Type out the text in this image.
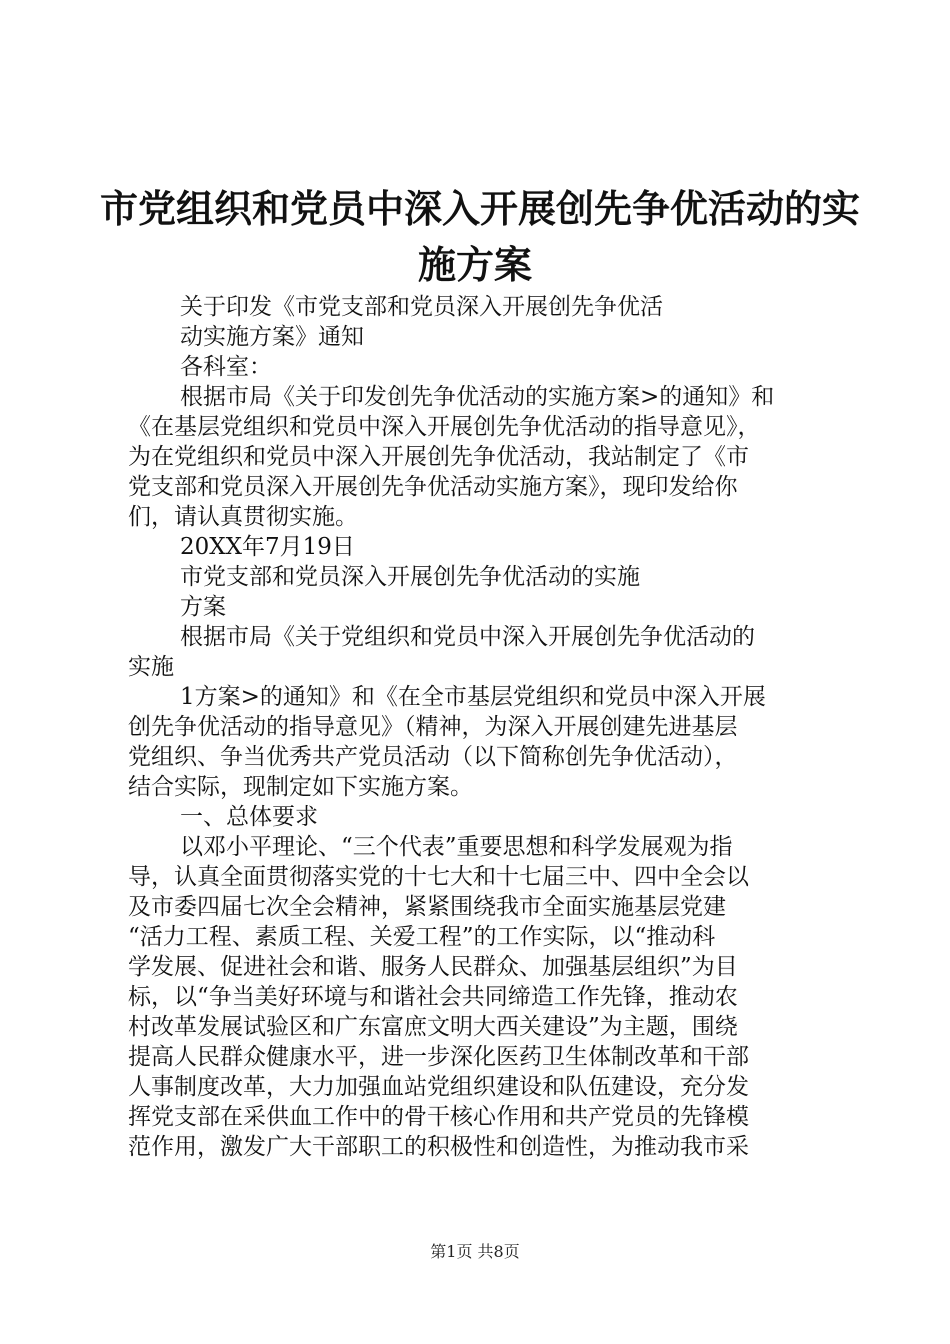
市党组织和党员中深入开展创先争优活动的实
施方案
关于印发《市党支部和党员深入开展创先争优活
动实施方案》通知
各科室：
根据市局《关于印发创先争优活动的实施方案>的通知》和
《在基层党组织和党员中深入开展创先争优活动的指导意见》，
为在党组织和党员中深入开展创先争优活动，我站制定了《市
党支部和党员深入开展创先争优活动实施方案》，现印发给你
们，请认真贯彻实施。
20XX年7月19日
市党支部和党员深入开展创先争优活动的实施
方案
根据市局《关于党组织和党员中深入开展创先争优活动的
实施
1方案>的通知》和《在全市基层党组织和党员中深入开展
创先争优活动的指导意见》（精神，为深入开展创建先进基层
党组织、争当优秀共产党员活动（以下简称创先争优活动），
结合实际，现制定如下实施方案。
一、总体要求
以邓小平理论、“三个代表”重要思想和科学发展观为指
导，认真全面贯彻落实党的十七大和十七届三中、四中全会以
及市委四届七次全会精神，紧紧围绕我市全面实施基层党建
“活力工程、素质工程、关爱工程”的工作实际，以“推动科
学发展、促进社会和谐、服务人民群众、加强基层组织”为目
标，以“争当美好环境与和谐社会共同缔造工作先锋，推动农
村改革发展试验区和广东富庶文明大西关建设”为主题，围绕
提高人民群众健康水平，进一步深化医药卫生体制改革和干部
人事制度改革，大力加强血站党组织建设和队伍建设，充分发
挥党支部在采供血工作中的骨干核心作用和共产党员的先锋模
范作用，激发广大干部职工的积极性和创造性，为推动我市采
第1页 共8页
